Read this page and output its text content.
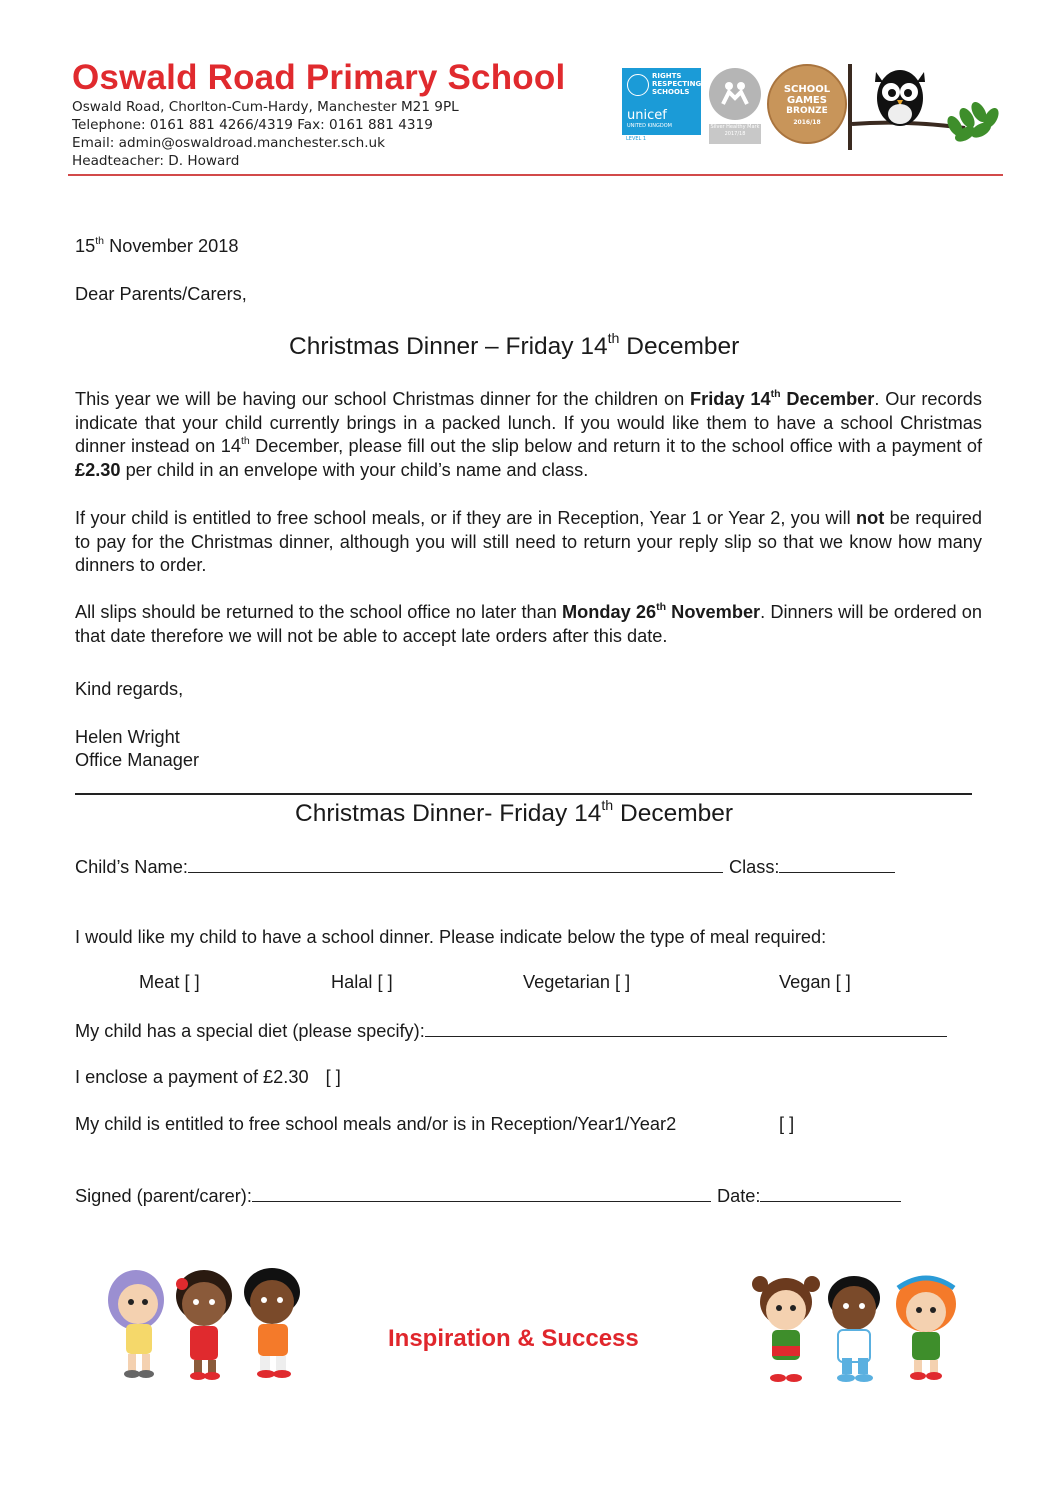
Oswald Road Primary School
Oswald Road, Chorlton-Cum-Hardy, Manchester M21 9PL
Telephone: 0161 881 4266/4319 Fax: 0161 881 4319
Email: admin@oswaldroad.manchester.sch.uk
Headteacher: D. Howard
RIGHTS
RESPECTING
SCHOOLS
unicef
UNITED KINGDOM
LEVEL 1
Silver Healthy Mark 2017/18
SCHOOL
GAMES
BRONZE
2016/18
15th November 2018
Dear Parents/Carers,
Christmas Dinner – Friday 14th December
This year we will be having our school Christmas dinner for the children on Friday 14th December. Our records indicate that your child currently brings in a packed lunch. If you would like them to have a school Christmas dinner instead on 14th December, please fill out the slip below and return it to the school office with a payment of £2.30 per child in an envelope with your child’s name and class.
If your child is entitled to free school meals, or if they are in Reception, Year 1 or Year 2, you will not be required to pay for the Christmas dinner, although you will still need to return your reply slip so that we know how many dinners to order.
All slips should be returned to the school office no later than Monday 26th November. Dinners will be ordered on that date therefore we will not be able to accept late orders after this date.
Kind regards,
Helen Wright
Office Manager
Christmas Dinner- Friday 14th December
Child’s Name:	Class:
I would like my child to have a school dinner. Please indicate below the type of meal required:
Meat [ ]	Halal [ ]	Vegetarian [ ]	Vegan [ ]
My child has a special diet (please specify):
I enclose a payment of £2.30 [ ]
My child is entitled to free school meals and/or is in Reception/Year1/Year2	[ ]
Signed (parent/carer):	Date:
Inspiration & Success
